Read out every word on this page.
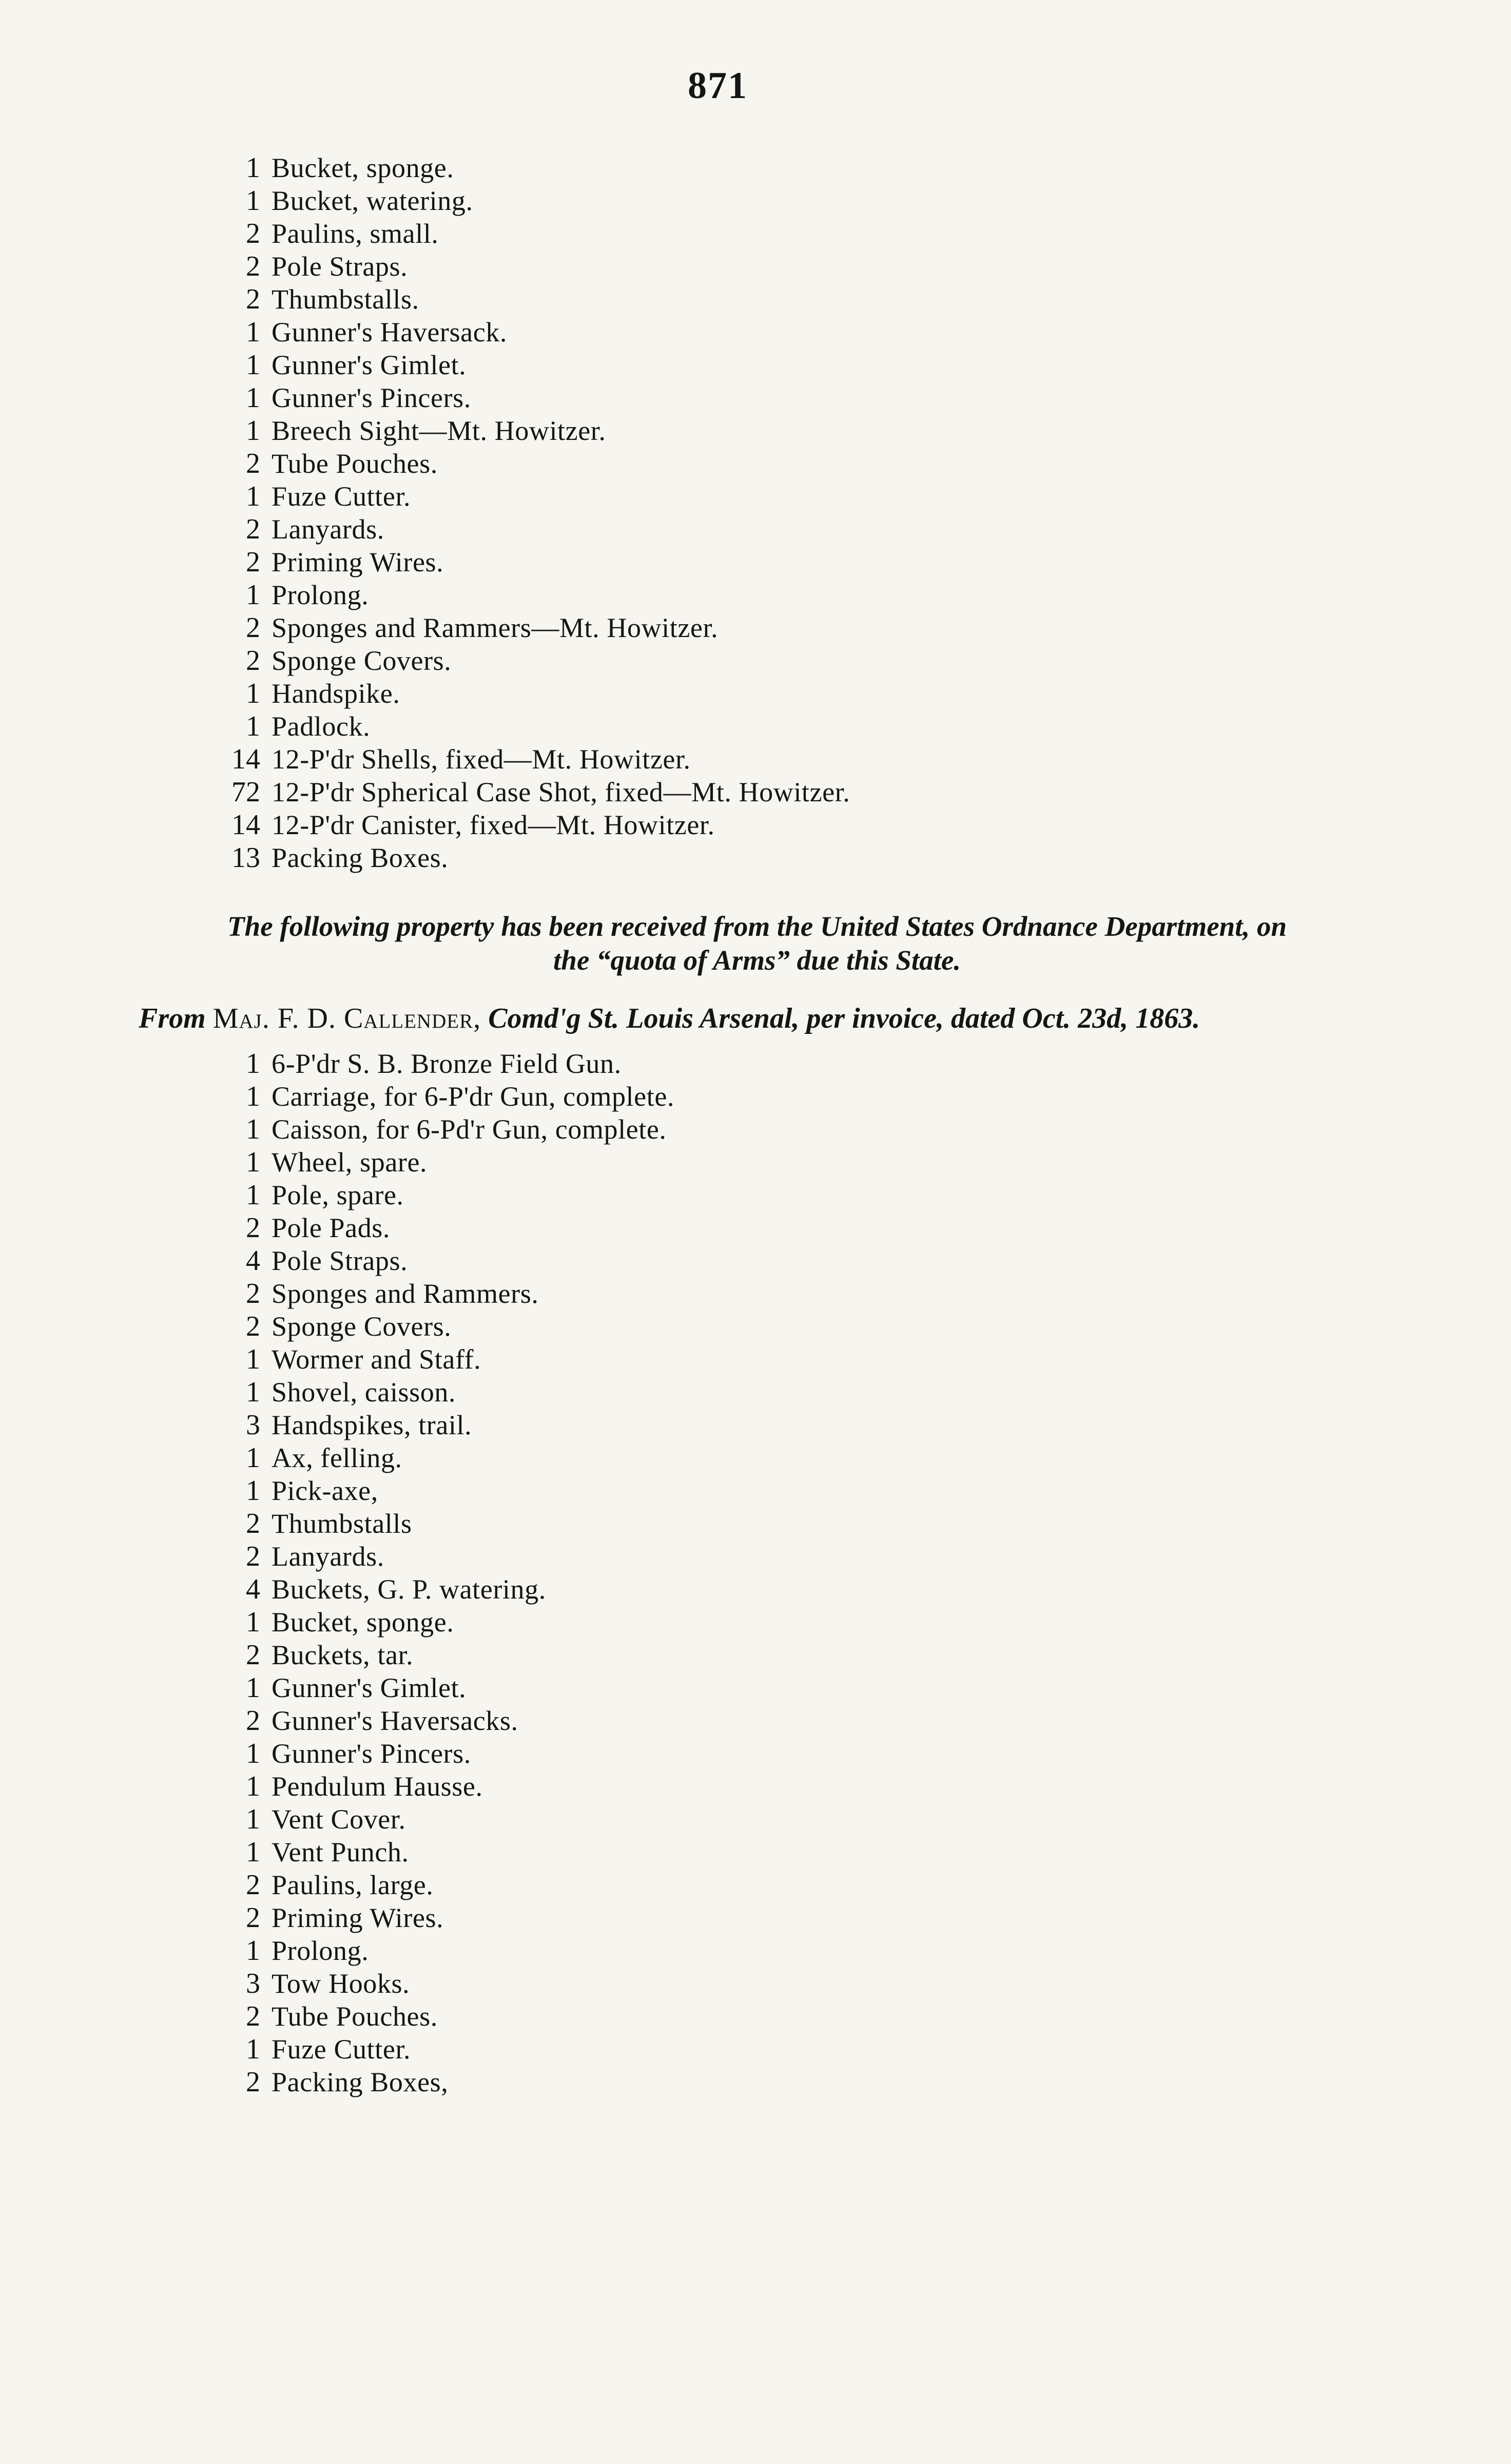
871
1 Bucket, sponge.
1 Bucket, watering.
2 Paulins, small.
2 Pole Straps.
2 Thumbstalls.
1 Gunner's Haversack.
1 Gunner's Gimlet.
1 Gunner's Pincers.
1 Breech Sight—Mt. Howitzer.
2 Tube Pouches.
1 Fuze Cutter.
2 Lanyards.
2 Priming Wires.
1 Prolong.
2 Sponges and Rammers—Mt. Howitzer.
2 Sponge Covers.
1 Handspike.
1 Padlock.
14 12-P'dr Shells, fixed—Mt. Howitzer.
72 12-P'dr Spherical Case Shot, fixed—Mt. Howitzer.
14 12-P'dr Canister, fixed—Mt. Howitzer.
13 Packing Boxes.
The following property has been received from the United States Ordnance Department, on
the “quota of Arms” due this State.
From Maj. F. D. Callender, Comd'g St. Louis Arsenal, per invoice, dated Oct. 23d, 1863.
1 6-P'dr S. B. Bronze Field Gun.
1 Carriage, for 6-P'dr Gun, complete.
1 Caisson, for 6-Pd'r Gun, complete.
1 Wheel, spare.
1 Pole, spare.
2 Pole Pads.
4 Pole Straps.
2 Sponges and Rammers.
2 Sponge Covers.
1 Wormer and Staff.
1 Shovel, caisson.
3 Handspikes, trail.
1 Ax, felling.
1 Pick-axe,
2 Thumbstalls
2 Lanyards.
4 Buckets, G. P. watering.
1 Bucket, sponge.
2 Buckets, tar.
1 Gunner's Gimlet.
2 Gunner's Haversacks.
1 Gunner's Pincers.
1 Pendulum Hausse.
1 Vent Cover.
1 Vent Punch.
2 Paulins, large.
2 Priming Wires.
1 Prolong.
3 Tow Hooks.
2 Tube Pouches.
1 Fuze Cutter.
2 Packing Boxes,
